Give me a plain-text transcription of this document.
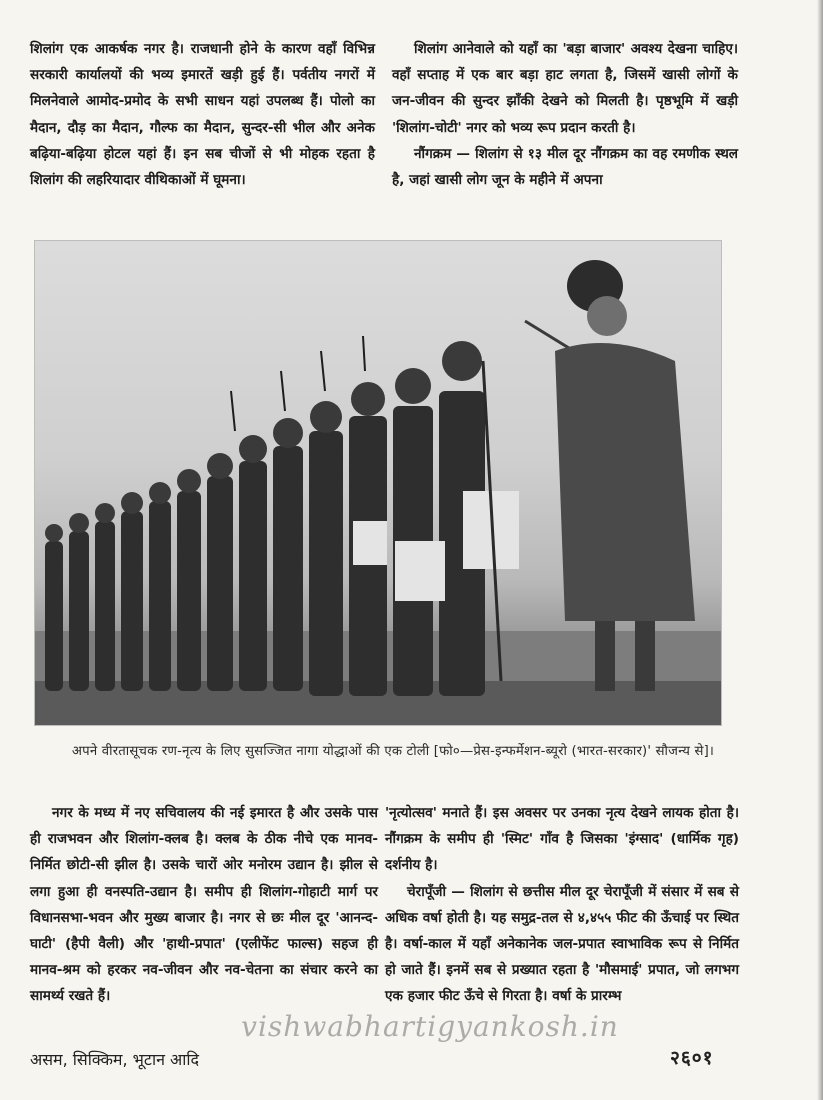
शिलांग एक आकर्षक नगर है। राजधानी होने के कारण वहाँ विभिन्न सरकारी कार्यालयों की भव्य इमारतें खड़ी हुई हैं। पर्वतीय नगरों में मिलनेवाले आमोद-प्रमोद के सभी साधन यहां उपलब्ध हैं। पोलो का मैदान, दौड़ का मैदान, गौल्फ का मैदान, सुन्दर-सी भील और अनेक बढ़िया-बढ़िया होटल यहां हैं। इन सब चीजों से भी मोहक रहता है शिलांग की लहरियादार वीथिकाओं में घूमना।

शिलांग आनेवाले को यहाँ का 'बड़ा बाजार' अवश्य देखना चाहिए। वहाँ सप्ताह में एक बार बड़ा हाट लगता है, जिसमें खासी लोगों के जन-जीवन की सुन्दर झाँकी देखने को मिलती है। पृष्ठभूमि में खड़ी 'शिलांग-चोटी' नगर को भव्य रूप प्रदान करती है।

नौंगक्रम — शिलांग से १३ मील दूर नौंगक्रम का वह रमणीक स्थल है, जहां खासी लोग जून के महीने में अपना

अपने वीरतासूचक रण-नृत्य के लिए सुसज्जित नागा योद्धाओं की एक टोली [फो०—प्रेस-इन्फर्मेशन-ब्यूरो (भारत-सरकार)' सौजन्य से]।

नगर के मध्य में नए सचिवालय की नई इमारत है और उसके पास ही राजभवन और शिलांग-क्लब है। क्लब के ठीक नीचे एक मानव-निर्मित छोटी-सी झील है। उसके चारों ओर मनोरम उद्यान है। झील से लगा हुआ ही वनस्पति-उद्यान है। समीप ही शिलांग-गोहाटी मार्ग पर विधानसभा-भवन और मुख्य बाजार है। नगर से छः मील दूर 'आनन्द-घाटी' (हैपी वैली) और 'हाथी-प्रपात' (एलीफेंट फाल्स) सहज ही मानव-श्रम को हरकर नव-जीवन और नव-चेतना का संचार करने का सामर्थ्य रखते हैं।

'नृत्योत्सव' मनाते हैं। इस अवसर पर उनका नृत्य देखने लायक होता है। नौंगक्रम के समीप ही 'स्मिट' गाँव है जिसका 'इंग्साद' (धार्मिक गृह) दर्शनीय है।

चेरापूँजी — शिलांग से छत्तीस मील दूर चेरापूँजी में संसार में सब से अधिक वर्षा होती है। यह समुद्र-तल से ४,४५५ फीट की ऊँचाई पर स्थित है। वर्षा-काल में यहाँ अनेकानेक जल-प्रपात स्वाभाविक रूप से निर्मित हो जाते हैं। इनमें सब से प्रख्यात रहता है 'मौसमाई' प्रपात, जो लगभग एक हजार फीट ऊँचे से गिरता है। वर्षा के प्रारम्भ

vishwabhartigyankosh.in
असम, सिक्किम, भूटान आदि	२६०१
